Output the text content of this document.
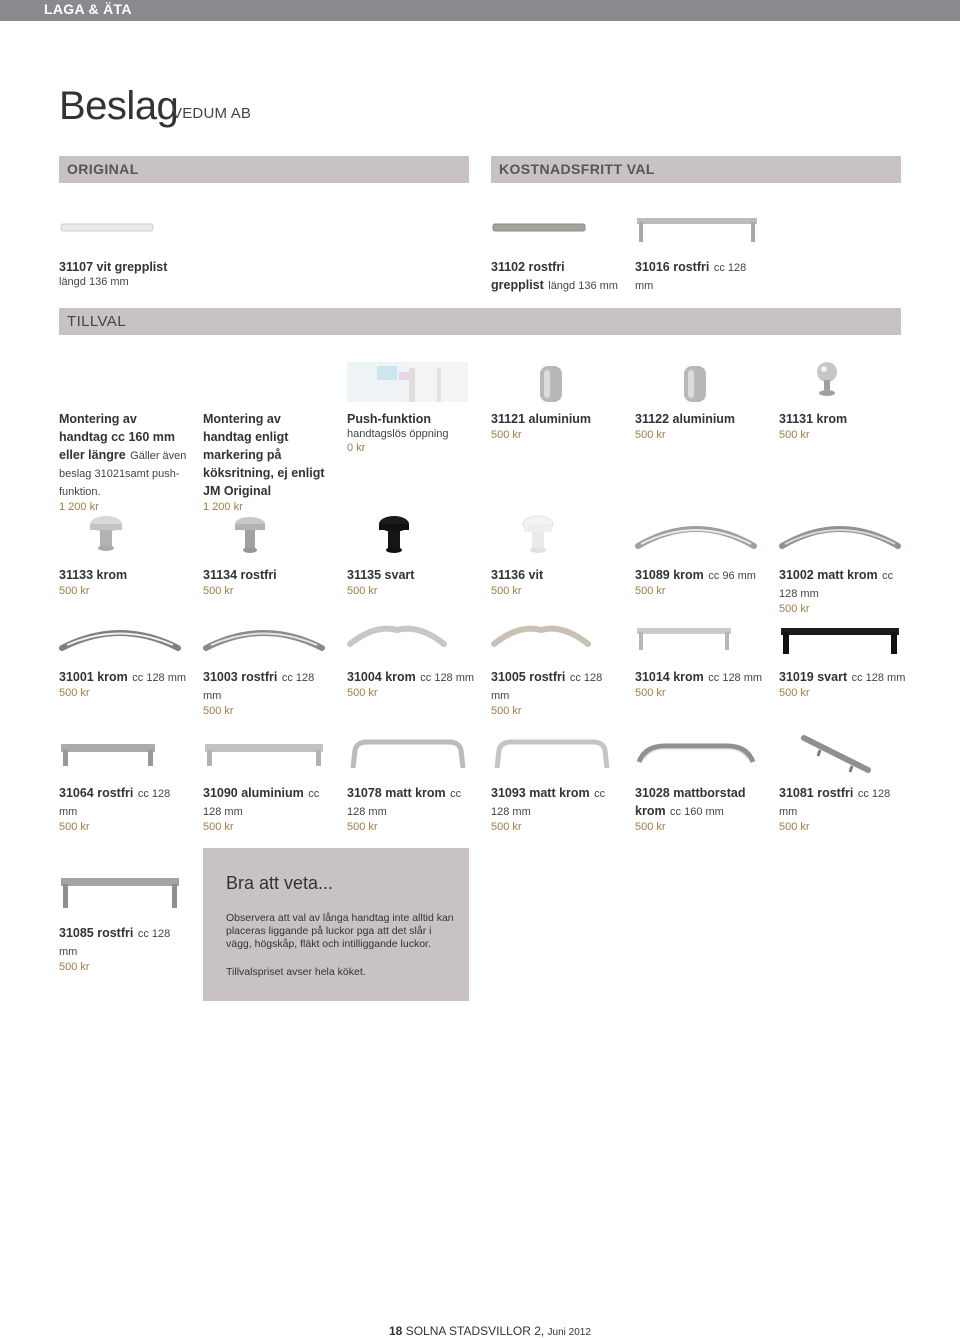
LAGA & ÄTA
Beslag
VEDUM AB
ORIGINAL	KOSTNADSFRITT VAL
31107 vit grepplist
längd 136 mm
31102 rostfri grepplist längd 136 mm
31016 rostfri cc 128 mm
TILLVAL
Montering av handtag cc 160 mm eller längre Gäller även beslag 31021samt push-funktion.
1 200 kr
Montering av handtag enligt markering på köksritning, ej enligt JM Original
1 200 kr
Push-funktion
handtagslös öppning
0 kr
31121 aluminium
500 kr
31122 aluminium
500 kr
31131 krom
500 kr
31133 krom
500 kr
31134 rostfri
500 kr
31135 svart
500 kr
31136 vit
500 kr
31089 krom cc 96 mm
500 kr
31002 matt krom cc 128 mm
500 kr
31001 krom cc 128 mm
500 kr
31003 rostfri cc 128 mm
500 kr
31004 krom cc 128 mm
500 kr
31005 rostfri cc 128 mm
500 kr
31014 krom cc 128 mm
500 kr
31019 svart cc 128 mm
500 kr
31064 rostfri cc 128 mm
500 kr
31090 aluminium cc 128 mm
500 kr
31078 matt krom cc 128 mm
500 kr
31093 matt krom cc 128 mm
500 kr
31028 mattborstad krom cc 160 mm
500 kr
31081 rostfri cc 128 mm
500 kr
31085 rostfri cc 128 mm
500 kr
Bra att veta...
Observera att val av långa handtag inte alltid kan placeras liggande på luckor pga att det slår i vägg, högskåp, fläkt och intilliggande luckor.
Tillvalspriset avser hela köket.
18 SOLNA STADSVILLOR 2, Juni 2012
